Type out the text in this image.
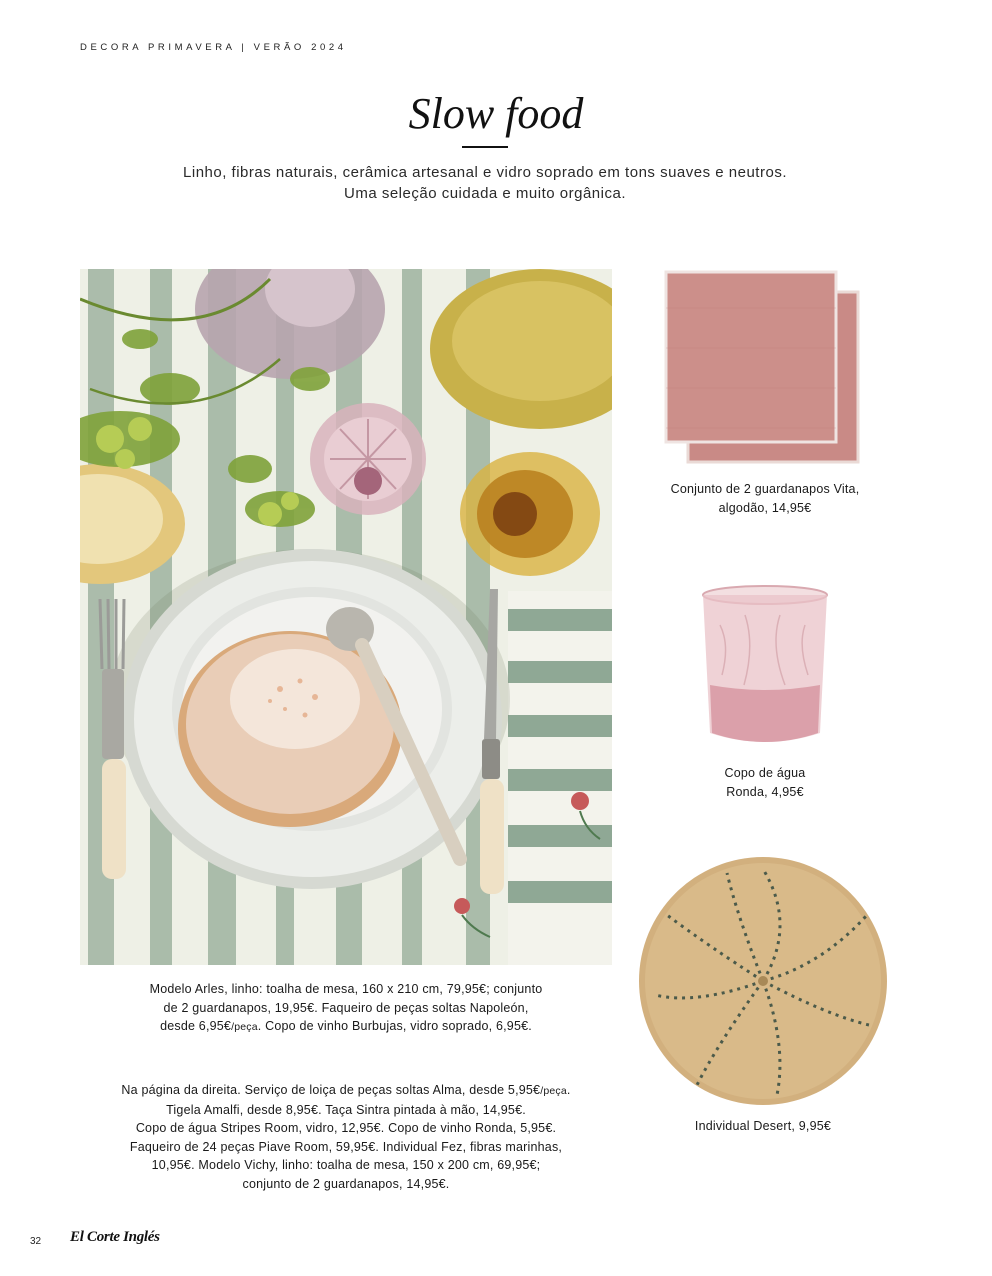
DECORA PRIMAVERA | VERÃO 2024
Slow food
Linho, fibras naturais, cerâmica artesanal e vidro soprado em tons suaves e neutros.
Uma seleção cuidada e muito orgânica.
Modelo Arles, linho: toalha de mesa, 160 x 210 cm, 79,95€; conjunto
de 2 guardanapos, 19,95€. Faqueiro de peças soltas Napoleón,
desde 6,95€/peça. Copo de vinho Burbujas, vidro soprado, 6,95€.
Na página da direita. Serviço de loiça de peças soltas Alma, desde 5,95€/peça.
Tigela Amalfi, desde 8,95€. Taça Sintra pintada à mão, 14,95€.
Copo de água Stripes Room, vidro, 12,95€. Copo de vinho Ronda, 5,95€.
Faqueiro de 24 peças Piave Room, 59,95€. Individual Fez, fibras marinhas,
10,95€. Modelo Vichy, linho: toalha de mesa, 150 x 200 cm, 69,95€;
conjunto de 2 guardanapos, 14,95€.
Conjunto de 2 guardanapos Vita,
algodão, 14,95€
Copo de água
Ronda, 4,95€
Individual Desert, 9,95€
32 El Corte Inglés
